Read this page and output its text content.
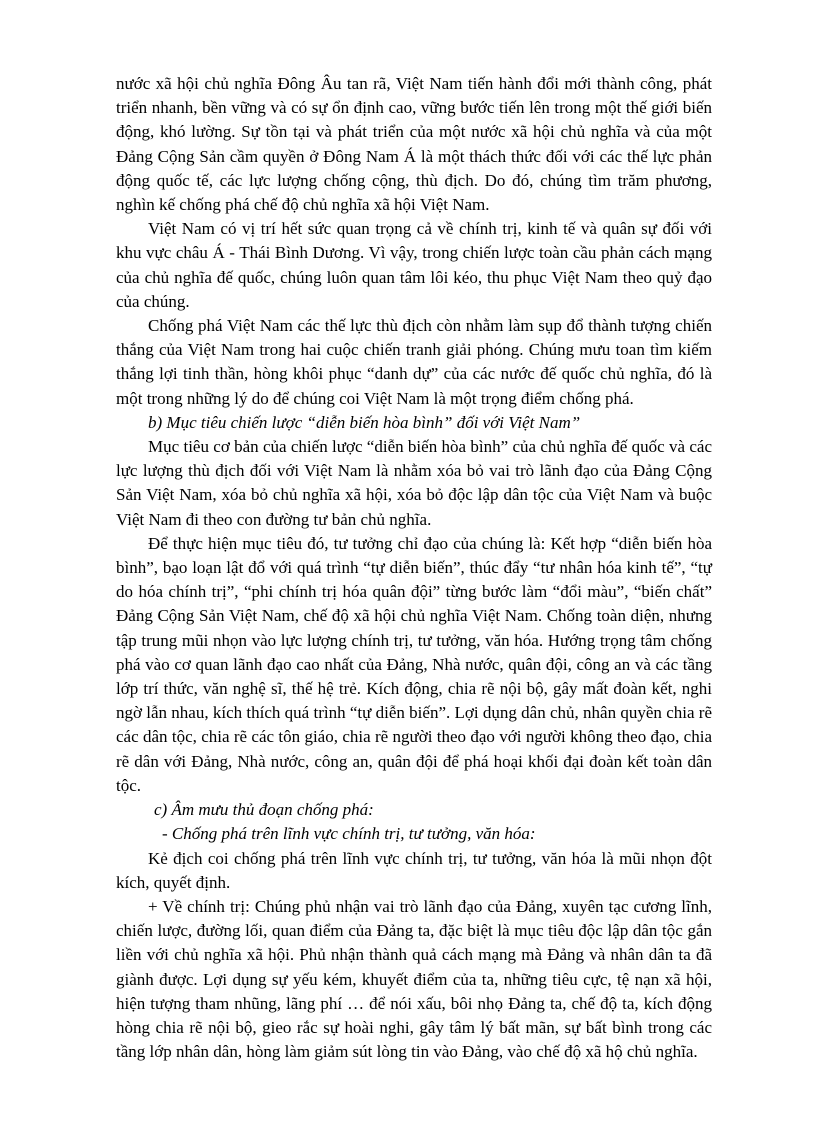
nước xã hội chủ nghĩa Đông Âu tan rã, Việt Nam tiến hành đổi mới thành công, phát triển nhanh, bền vững và có sự ổn định cao, vững bước tiến lên trong một thế giới biến động, khó lường. Sự tồn tại và phát triển của một nước xã hội chủ nghĩa và của một Đảng Cộng Sản cầm quyền ở Đông Nam Á là một thách thức đối với các thế lực phản động quốc tế, các lực lượng chống cộng, thù địch. Do đó, chúng tìm trăm phương, nghìn kế chống phá chế độ chủ nghĩa xã hội Việt Nam.

Việt Nam có vị trí hết sức quan trọng cả về chính trị, kinh tế và quân sự đối với khu vực châu Á - Thái Bình Dương. Vì vậy, trong chiến lược toàn cầu phản cách mạng của chủ nghĩa đế quốc, chúng luôn quan tâm lôi kéo, thu phục Việt Nam theo quỷ đạo của chúng.

Chống phá Việt Nam các thế lực thù địch còn nhằm làm sụp đổ thành tượng chiến thắng của Việt Nam trong hai cuộc chiến tranh giải phóng. Chúng mưu toan tìm kiếm thắng lợi tinh thần, hòng khôi phục “danh dự” của các nước đế quốc chủ nghĩa, đó là một trong những lý do để chúng coi Việt Nam là một trọng điểm chống phá.

b) Mục tiêu chiến lược “diễn biến hòa bình” đối với Việt Nam”

Mục tiêu cơ bản của chiến lược “diễn biến hòa bình” của chủ nghĩa đế quốc và các lực lượng thù địch đối với Việt Nam là nhằm xóa bỏ vai trò lãnh đạo của Đảng Cộng Sản Việt Nam, xóa bỏ chủ nghĩa xã hội, xóa bỏ độc lập dân tộc của Việt Nam và buộc Việt Nam đi theo con đường tư bản chủ nghĩa.

Để thực hiện mục tiêu đó, tư tưởng chỉ đạo của chúng là: Kết hợp “diễn biến hòa bình”, bạo loạn lật đổ với quá trình “tự diễn biến”, thúc đẩy “tư nhân hóa kinh tế”, “tự do hóa chính trị”, “phi chính trị hóa quân đội” từng bước làm “đổi màu”, “biến chất” Đảng Cộng Sản Việt Nam, chế độ xã hội chủ nghĩa Việt Nam. Chống toàn diện, nhưng tập trung mũi nhọn vào lực lượng chính trị, tư tưởng, văn hóa. Hướng trọng tâm chống phá vào cơ quan lãnh đạo cao nhất của Đảng, Nhà nước, quân đội, công an và các tầng lớp trí thức, văn nghệ sĩ, thế hệ trẻ. Kích động, chia rẽ nội bộ, gây mất đoàn kết, nghi ngờ lẫn nhau, kích thích quá trình “tự diễn biến”. Lợi dụng dân chủ, nhân quyền chia rẽ các dân tộc, chia rẽ các tôn giáo, chia rẽ người theo đạo với người không theo đạo, chia rẽ dân với Đảng, Nhà nước, công an, quân đội để phá hoại khối đại đoàn kết toàn dân tộc.

c) Âm mưu thủ đoạn chống phá:

- Chống phá trên lĩnh vực chính trị, tư tưởng, văn hóa:

Kẻ địch coi chống phá trên lĩnh vực chính trị, tư tưởng, văn hóa là mũi nhọn đột kích, quyết định.

+ Về chính trị: Chúng phủ nhận vai trò lãnh đạo của Đảng, xuyên tạc cương lĩnh, chiến lược, đường lối, quan điểm của Đảng ta, đặc biệt là mục tiêu độc lập dân tộc gắn liền với chủ nghĩa xã hội. Phủ nhận thành quả cách mạng mà Đảng và nhân dân ta đã giành được. Lợi dụng sự yếu kém, khuyết điểm của ta, những tiêu cực, tệ nạn xã hội, hiện tượng tham nhũng, lãng phí … để nói xấu, bôi nhọ Đảng ta, chế độ ta, kích động hòng chia rẽ nội bộ, gieo rắc sự hoài nghi, gây tâm lý bất mãn, sự bất bình trong các tầng lớp nhân dân, hòng làm giảm sút lòng tin vào Đảng, vào chế độ xã hộ chủ nghĩa.
